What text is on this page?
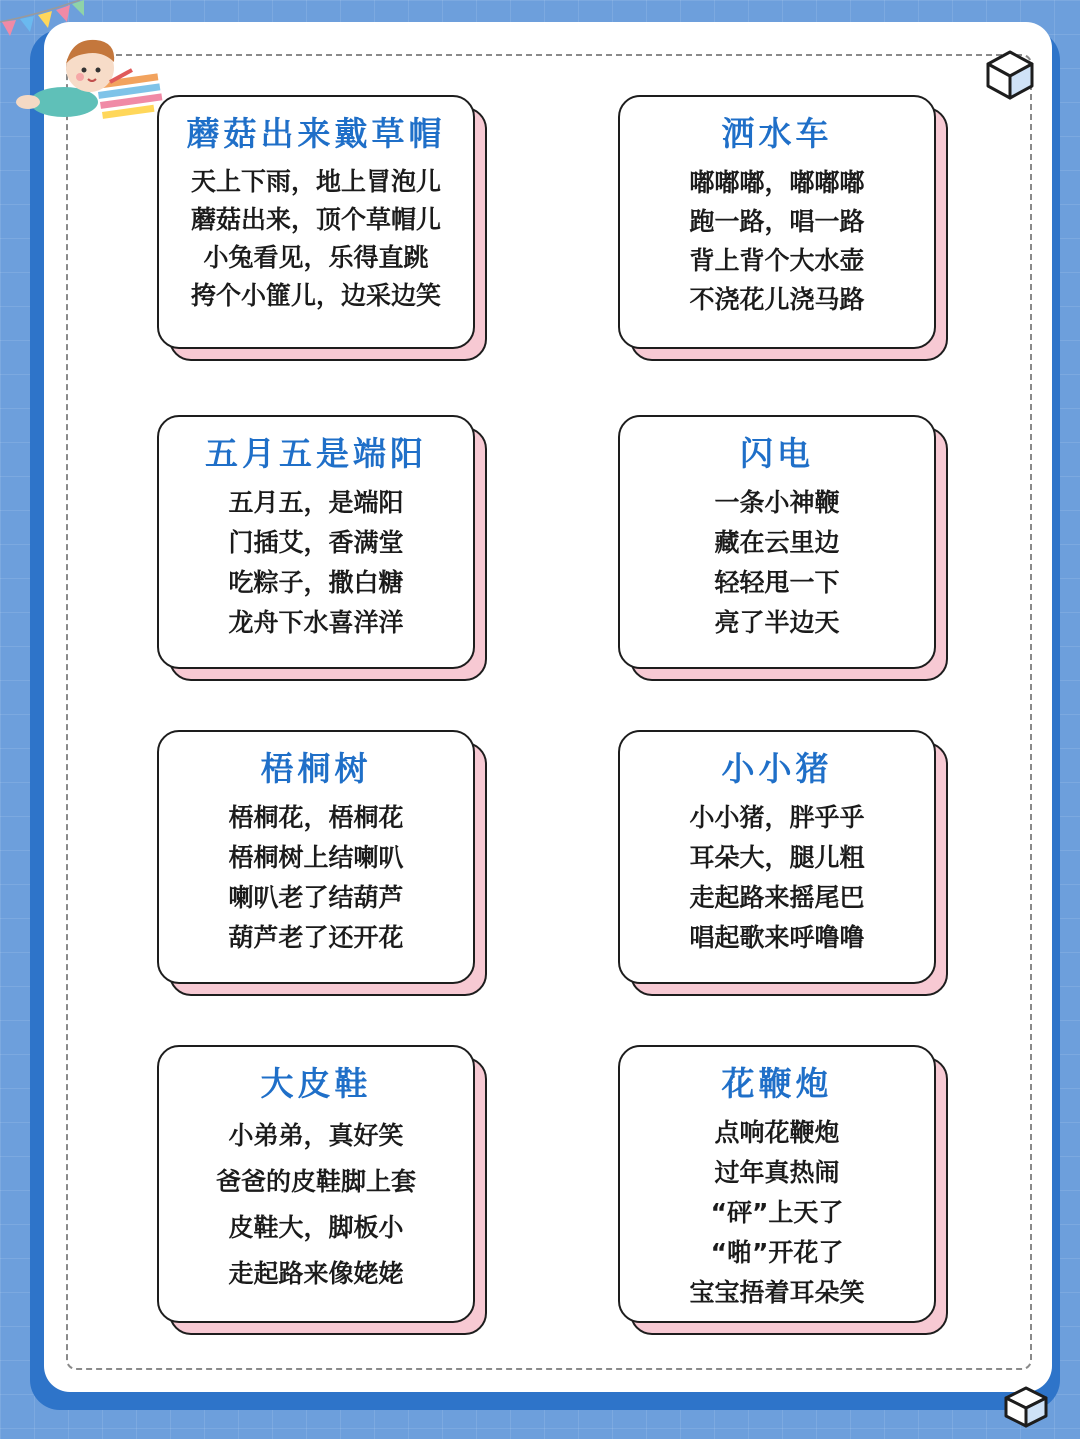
蘑菇出来戴草帽
天上下雨，地上冒泡儿
蘑菇出来，顶个草帽儿
小兔看见，乐得直跳
挎个小篚儿，边采边笑
洒水车
嘟嘟嘟，嘟嘟嘟
跑一路，唱一路
背上背个大水壶
不浇花儿浇马路
五月五是端阳
五月五，是端阳
门插艾，香满堂
吃粽子，撒白糖
龙舟下水喜洋洋
闪电
一条小神鞭
藏在云里边
轻轻甩一下
亮了半边天
梧桐树
梧桐花，梧桐花
梧桐树上结喇叭
喇叭老了结葫芦
葫芦老了还开花
小小猪
小小猪，胖乎乎
耳朵大，腿儿粗
走起路来摇尾巴
唱起歌来呼噜噜
大皮鞋
小弟弟，真好笑
爸爸的皮鞋脚上套
皮鞋大，脚板小
走起路来像姥姥
花鞭炮
点响花鞭炮
过年真热闹
“砰”上天了
“啪”开花了
宝宝捂着耳朵笑
